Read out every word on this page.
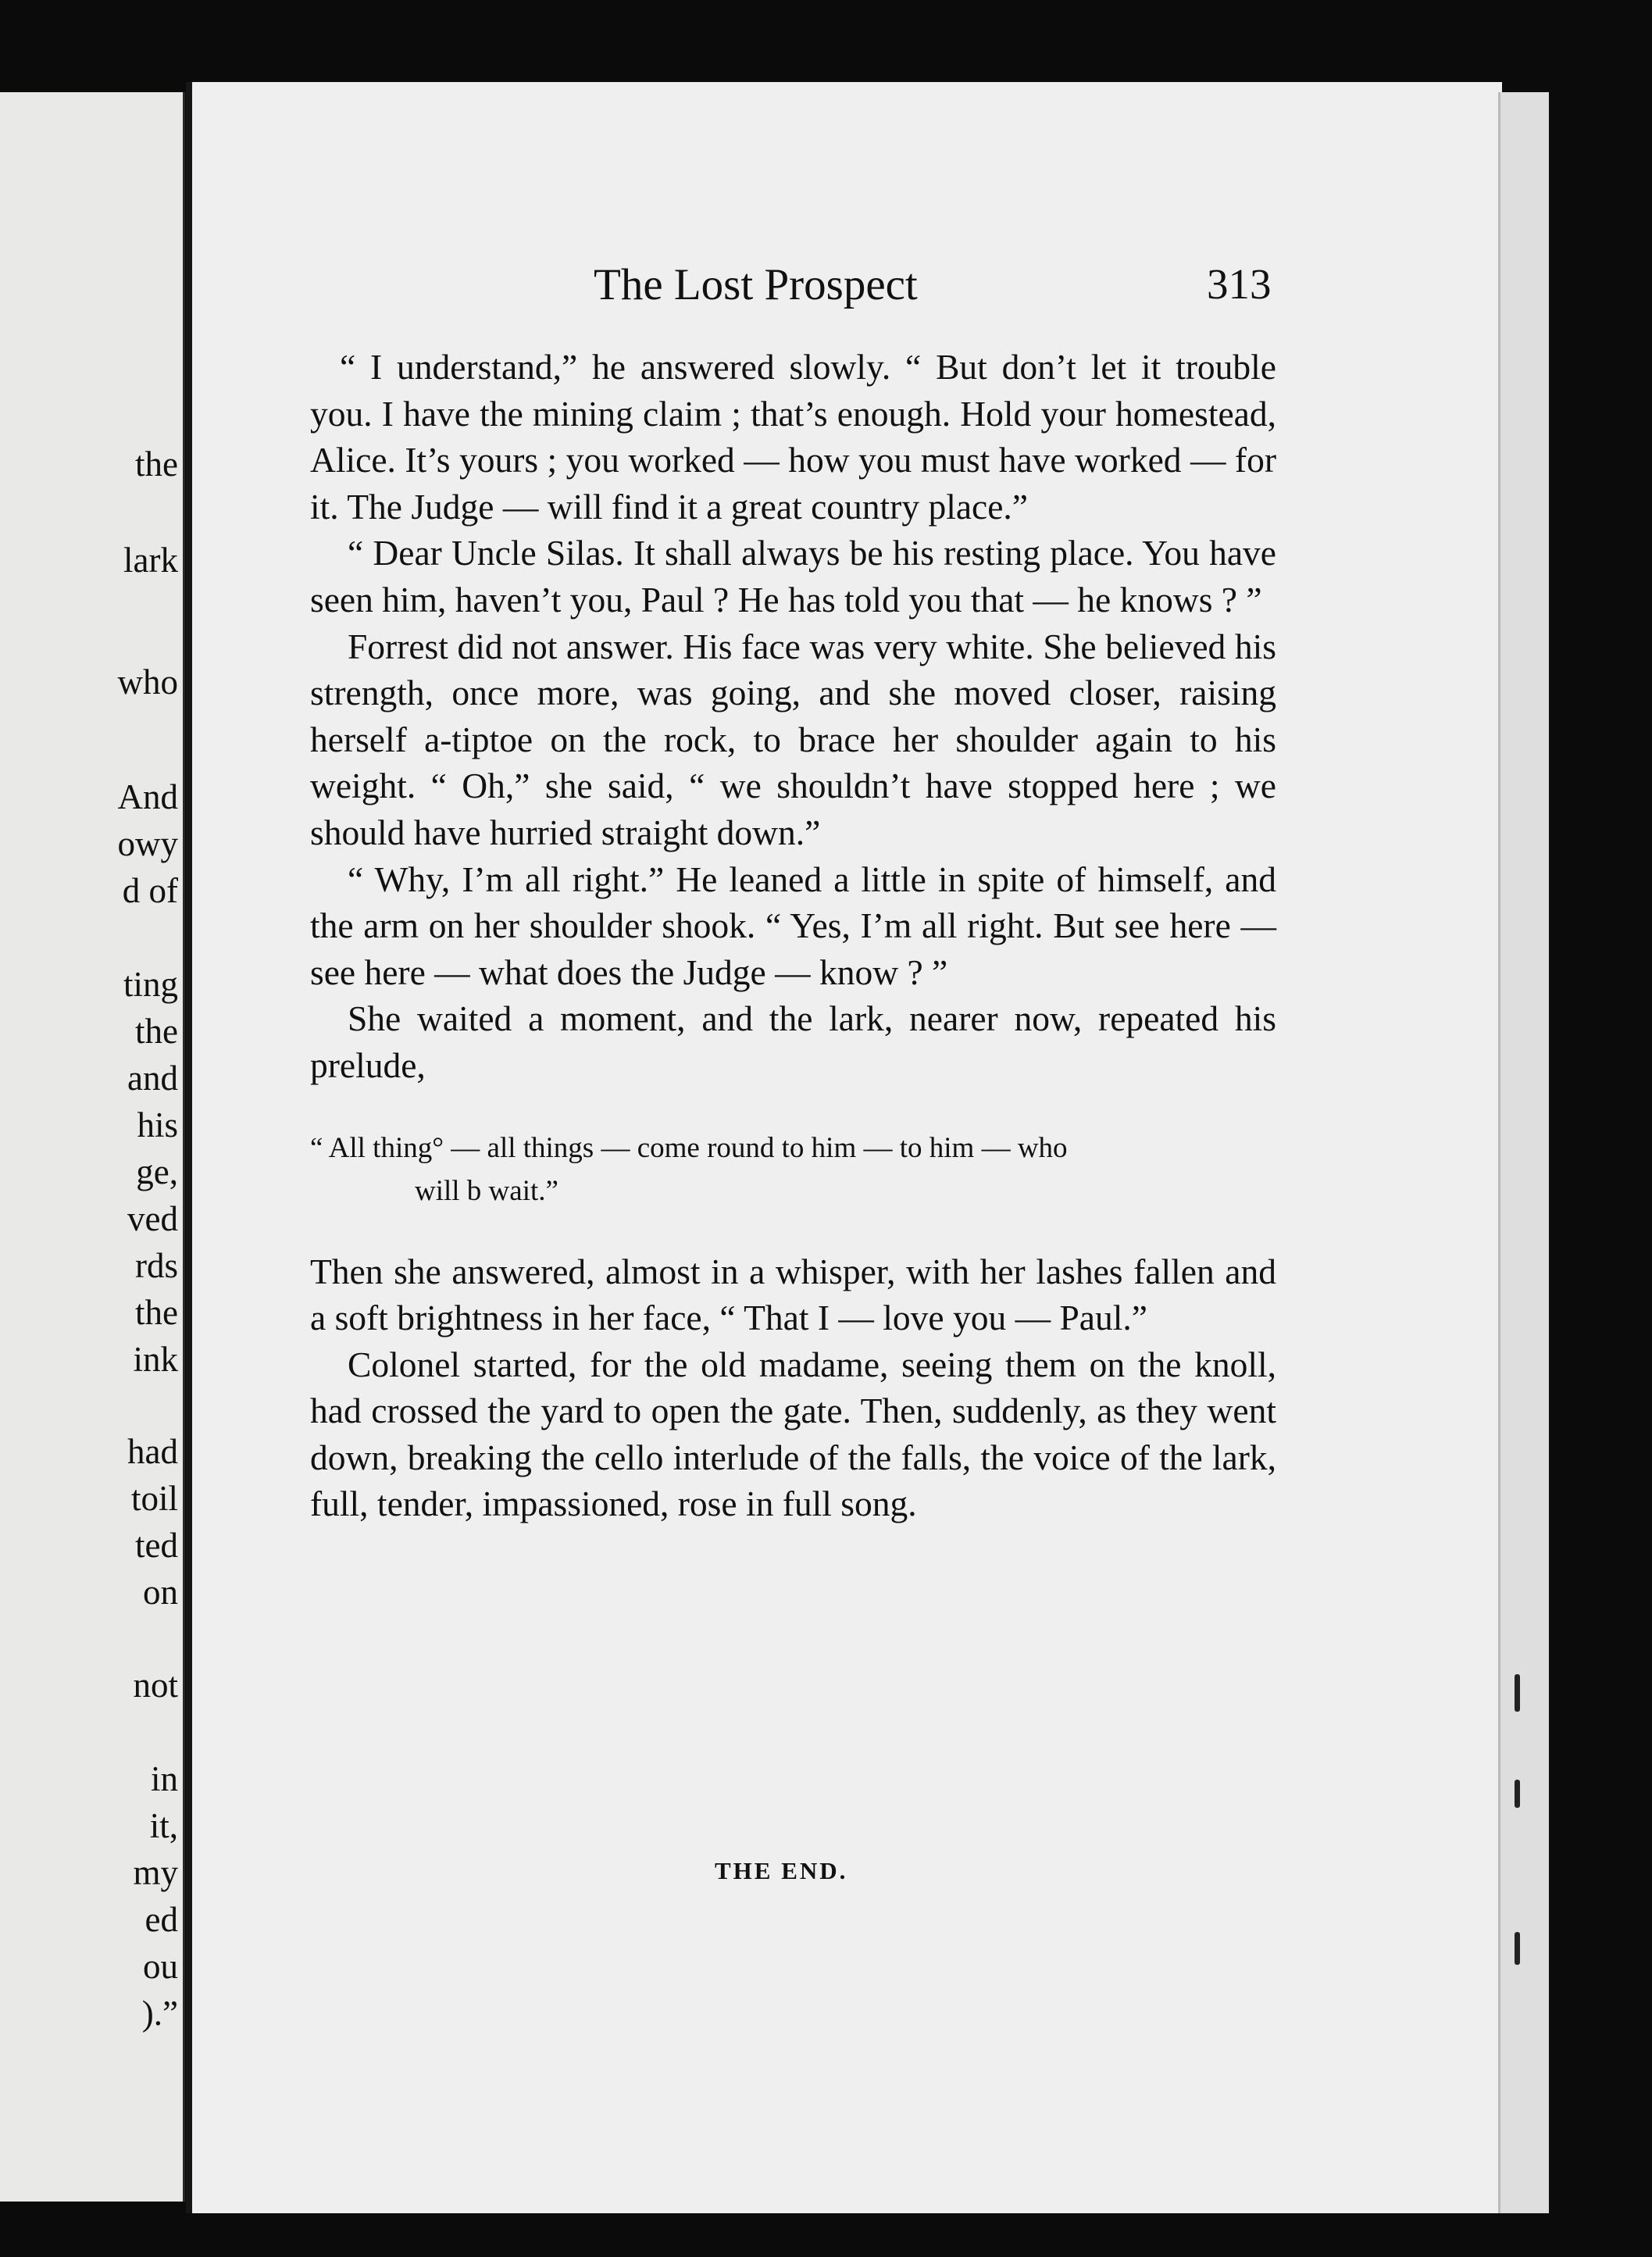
the
lark
who
And
owy
d of
ting
the
and
his
ge,
ved
rds
the
ink
had
toil
ted
on
not
in
it,
my
ed
ou
).”
The Lost Prospect	313

“ I understand,” he answered slowly. “ But don’t let it trouble you. I have the mining claim ; that’s enough. Hold your homestead, Alice. It’s yours ; you worked — how you must have worked — for it. The Judge — will find it a great country place.”

“ Dear Uncle Silas. It shall always be his resting place. You have seen him, haven’t you, Paul ? He has told you that — he knows ? ”

Forrest did not answer. His face was very white. She believed his strength, once more, was going, and she moved closer, raising herself a-tiptoe on the rock, to brace her shoulder again to his weight. “ Oh,” she said, “ we shouldn’t have stopped here ; we should have hurried straight down.”

“ Why, I’m all right.” He leaned a little in spite of himself, and the arm on her shoulder shook. “ Yes, I’m all right. But see here — see here — what does the Judge — know ? ”

She waited a moment, and the lark, nearer now, repeated his prelude,

“ All thing° — all things — come round to him — to him — who
will b wait.”

Then she answered, almost in a whisper, with her lashes fallen and a soft brightness in her face, “ That I — love you — Paul.”

Colonel started, for the old madame, seeing them on the knoll, had crossed the yard to open the gate. Then, suddenly, as they went down, breaking the cello interlude of the falls, the voice of the lark, full, tender, impassioned, rose in full song.

THE END.
